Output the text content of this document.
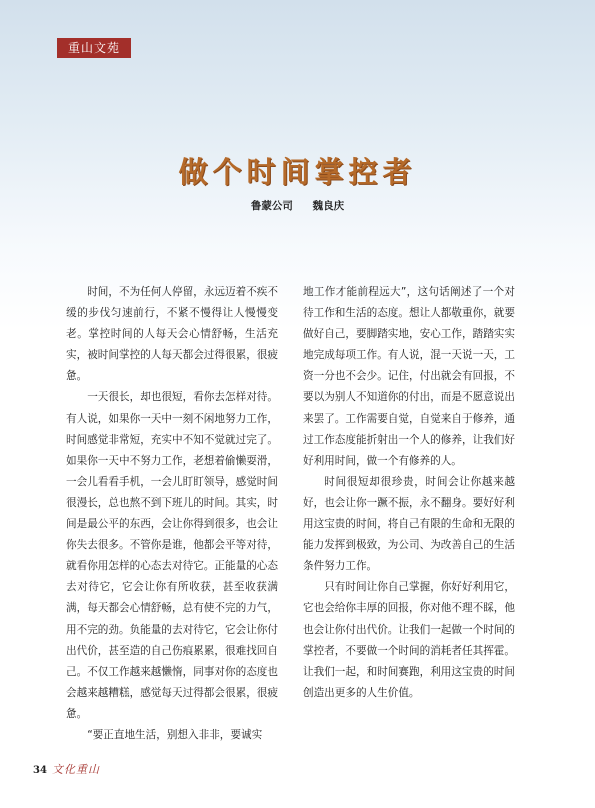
重山文苑
做个时间掌控者
鲁蒙公司 魏良庆

时间，不为任何人停留，永远迈着不疾不缓的步伐匀速前行，不紧不慢得让人慢慢变老。掌控时间的人每天会心情舒畅，生活充实，被时间掌控的人每天都会过得很累，很疲惫。

一天很长，却也很短，看你去怎样对待。有人说，如果你一天中一刻不闲地努力工作，时间感觉非常短，充实中不知不觉就过完了。如果你一天中不努力工作，老想着偷懒耍滑，一会儿看看手机，一会儿盯盯领导，感觉时间很漫长，总也熬不到下班儿的时间。其实，时间是最公平的东西，会让你得到很多，也会让你失去很多。不管你是谁，他都会平等对待，就看你用怎样的心态去对待它。正能量的心态去对待它，它会让你有所收获，甚至收获满满，每天都会心情舒畅，总有使不完的力气，用不完的劲。负能量的去对待它，它会让你付出代价，甚至造的自己伤痕累累，很难找回自己。不仅工作越来越懒惰，同事对你的态度也会越来越糟糕，感觉每天过得都会很累，很疲惫。

“要正直地生活，别想入非非，要诚实

地工作才能前程远大”，这句话阐述了一个对待工作和生活的态度。想让人都敬重你，就要做好自己，要脚踏实地，安心工作，踏踏实实地完成每项工作。有人说，混一天说一天，工资一分也不会少。记住，付出就会有回报，不要以为别人不知道你的付出，而是不愿意说出来罢了。工作需要自觉，自觉来自于修养，通过工作态度能折射出一个人的修养，让我们好好利用时间，做一个有修养的人。

时间很短却很珍贵，时间会让你越来越好，也会让你一蹶不振，永不翻身。要好好利用这宝贵的时间，将自己有限的生命和无限的能力发挥到极致，为公司、为改善自己的生活条件努力工作。

只有时间让你自己掌握，你好好利用它，它也会给你丰厚的回报，你对他不理不睬，他也会让你付出代价。让我们一起做一个时间的掌控者，不要做一个时间的消耗者任其挥霍。让我们一起，和时间赛跑，利用这宝贵的时间创造出更多的人生价值。

34 文化重山
